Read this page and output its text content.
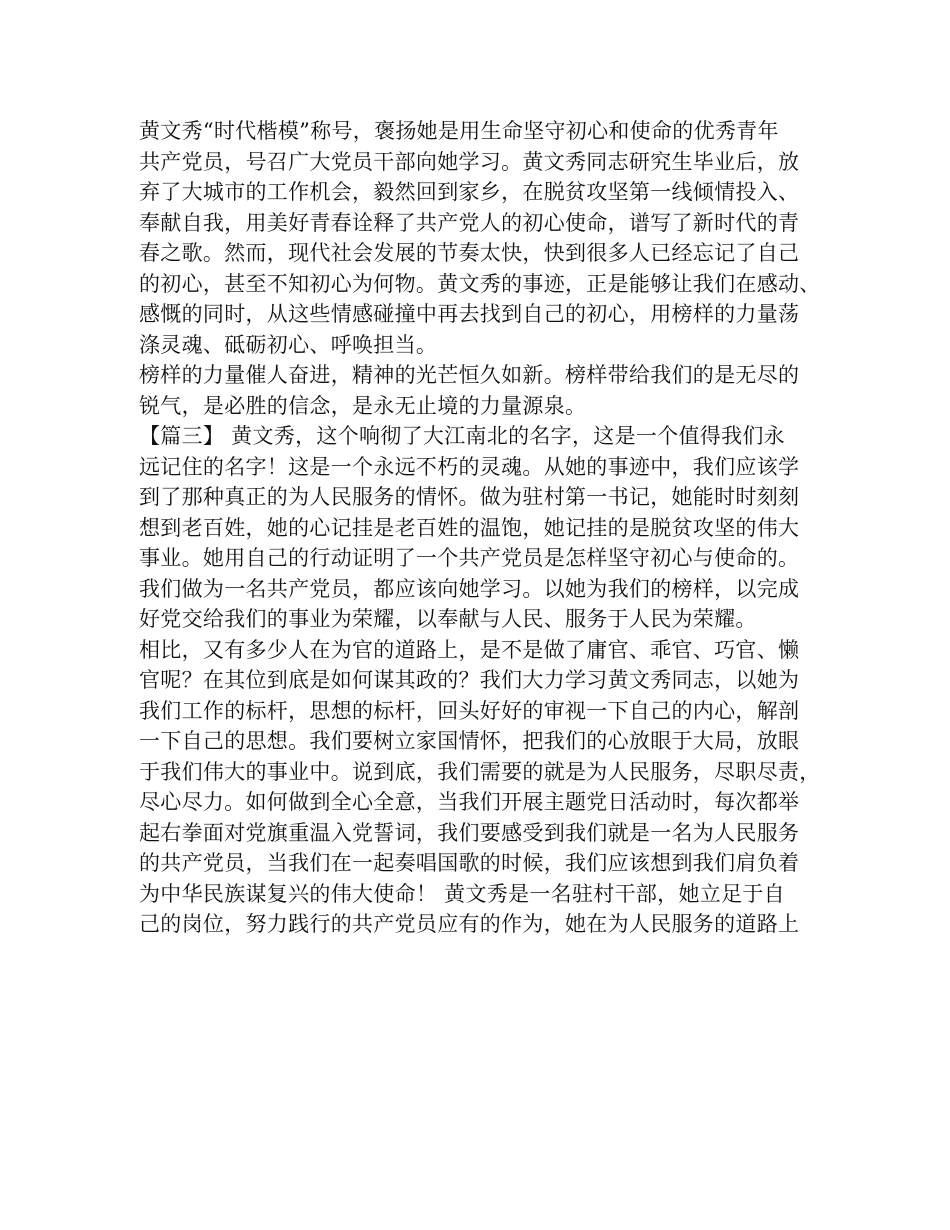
黄文秀“时代楷模”称号，褒扬她是用生命坚守初心和使命的优秀青年
共产党员，号召广大党员干部向她学习。黄文秀同志研究生毕业后，放
弃了大城市的工作机会，毅然回到家乡，在脱贫攻坚第一线倾情投入、
奉献自我，用美好青春诠释了共产党人的初心使命，谱写了新时代的青
春之歌。然而，现代社会发展的节奏太快，快到很多人已经忘记了自己
的初心，甚至不知初心为何物。黄文秀的事迹，正是能够让我们在感动、
感慨的同时，从这些情感碰撞中再去找到自己的初心，用榜样的力量荡
涤灵魂、砥砺初心、呼唤担当。
榜样的力量催人奋进，精神的光芒恒久如新。榜样带给我们的是无尽的
锐气，是必胜的信念，是永无止境的力量源泉。
【篇三】 黄文秀，这个响彻了大江南北的名字，这是一个值得我们永
远记住的名字！这是一个永远不朽的灵魂。从她的事迹中，我们应该学
到了那种真正的为人民服务的情怀。做为驻村第一书记，她能时时刻刻
想到老百姓，她的心记挂是老百姓的温饱，她记挂的是脱贫攻坚的伟大
事业。她用自己的行动证明了一个共产党员是怎样坚守初心与使命的。
我们做为一名共产党员，都应该向她学习。以她为我们的榜样，以完成
好党交给我们的事业为荣耀，以奉献与人民、服务于人民为荣耀。
相比，又有多少人在为官的道路上，是不是做了庸官、乖官、巧官、懒
官呢？在其位到底是如何谋其政的？我们大力学习黄文秀同志，以她为
我们工作的标杆，思想的标杆，回头好好的审视一下自己的内心，解剖
一下自己的思想。我们要树立家国情怀，把我们的心放眼于大局，放眼
于我们伟大的事业中。说到底，我们需要的就是为人民服务，尽职尽责，
尽心尽力。如何做到全心全意，当我们开展主题党日活动时，每次都举
起右拳面对党旗重温入党誓词，我们要感受到我们就是一名为人民服务
的共产党员，当我们在一起奏唱国歌的时候，我们应该想到我们肩负着
为中华民族谋复兴的伟大使命！ 黄文秀是一名驻村干部，她立足于自
己的岗位，努力践行的共产党员应有的作为，她在为人民服务的道路上
